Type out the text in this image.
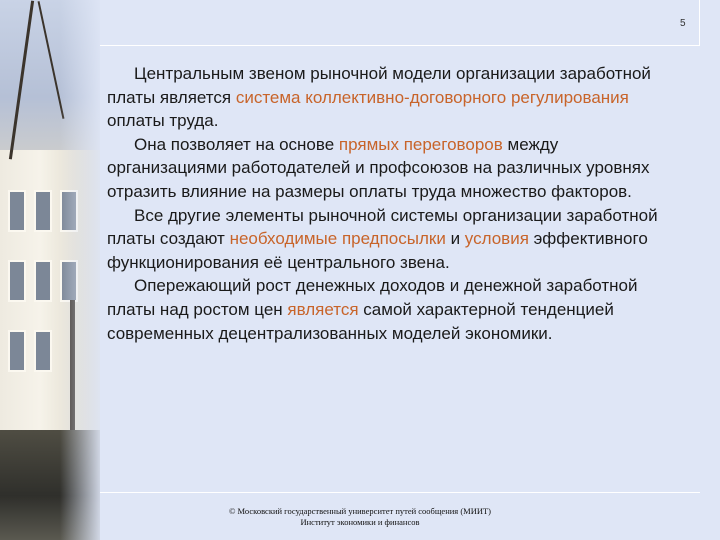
5

Центральным звеном рыночной модели организации заработной платы является система коллективно-договорного регулирования оплаты труда.

Она позволяет на основе прямых переговоров между организациями работодателей и профсоюзов на различных уровнях отразить влияние на размеры оплаты труда множество факторов.

Все другие элементы рыночной системы организации заработной платы создают необходимые предпосылки и условия эффективного функционирования её центрального звена.

Опережающий рост денежных доходов и денежной заработной платы над ростом цен является самой характерной тенденцией современных децентрализованных моделей экономики.

© Московский государственный университет путей сообщения (МИИТ)
Институт экономики и финансов
